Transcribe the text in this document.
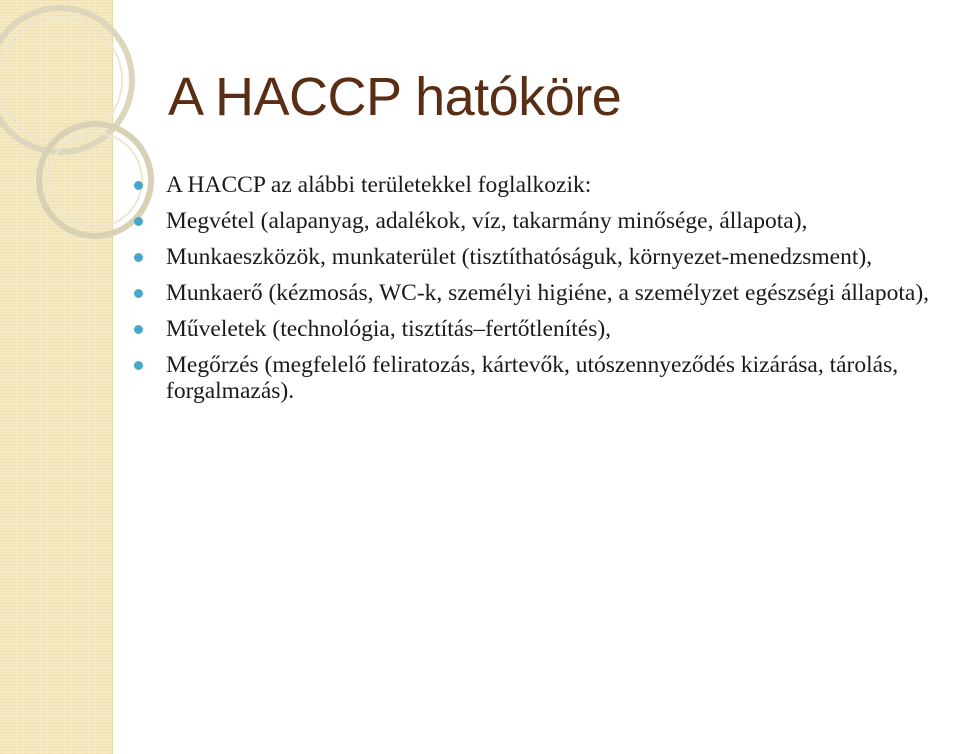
A HACCP hatóköre
A HACCP az alábbi területekkel foglalkozik:
Megvétel (alapanyag, adalékok, víz, takarmány minősége, állapota),
Munkaeszközök, munkaterület (tisztíthatóságuk, környezet-menedzsment),
Munkaerő (kézmosás, WC-k, személyi higiéne, a személyzet egészségi állapota),
Műveletek (technológia, tisztítás–fertőtlenítés),
Megőrzés (megfelelő feliratozás, kártevők, utószennyeződés kizárása, tárolás, forgalmazás).
